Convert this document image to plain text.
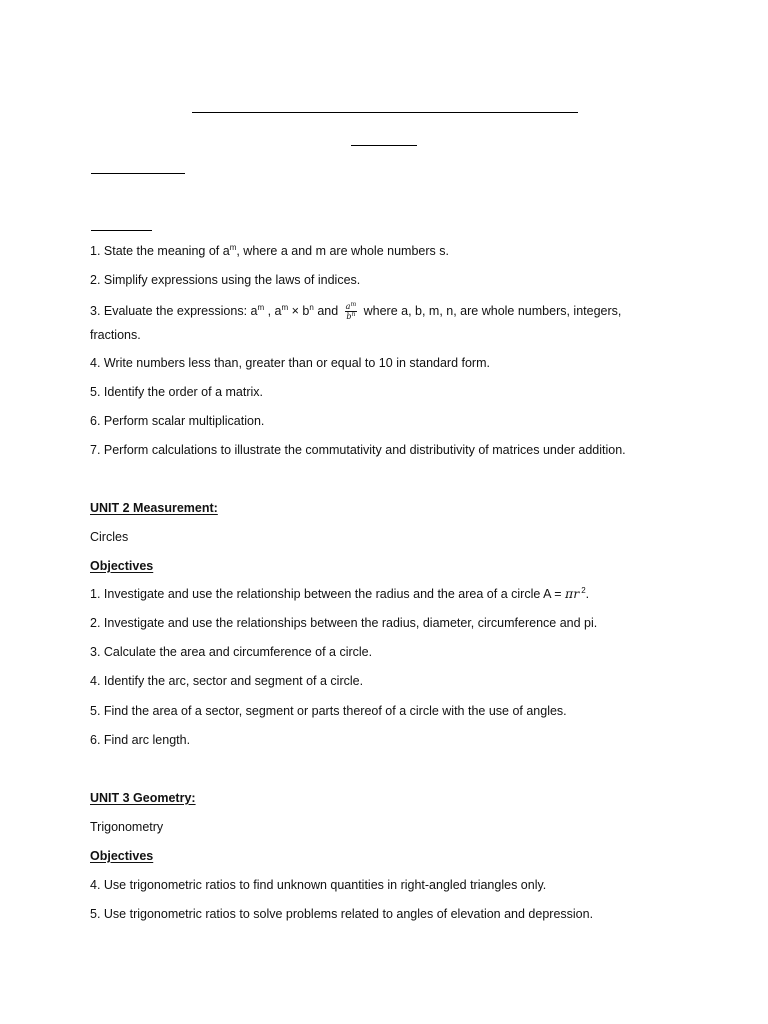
1. State the meaning of $a^m$, where a and m are whole numbers s.
2. Simplify expressions using the laws of indices.
3. Evaluate the expressions: $a^m$ , $a^m \times b^n$ and $\frac{a^m}{b^n}$ where a, b, m, n, are whole numbers, integers,
fractions.
4. Write numbers less than, greater than or equal to 10 in standard form.
5. Identify the order of a matrix.
6. Perform scalar multiplication.
7. Perform calculations to illustrate the commutativity and distributivity of matrices under addition.
UNIT 2 Measurement:
Circles
Objectives
1. Investigate and use the relationship between the radius and the area of a circle A = πr $^2$.
2. Investigate and use the relationships between the radius, diameter, circumference and pi.
3. Calculate the area and circumference of a circle.
4. Identify the arc, sector and segment of a circle.
5. Find the area of a sector, segment or parts thereof of a circle with the use of angles.
6. Find arc length.
UNIT 3 Geometry:
Trigonometry
Objectives
4. Use trigonometric ratios to find unknown quantities in right-angled triangles only.
5. Use trigonometric ratios to solve problems related to angles of elevation and depression.
